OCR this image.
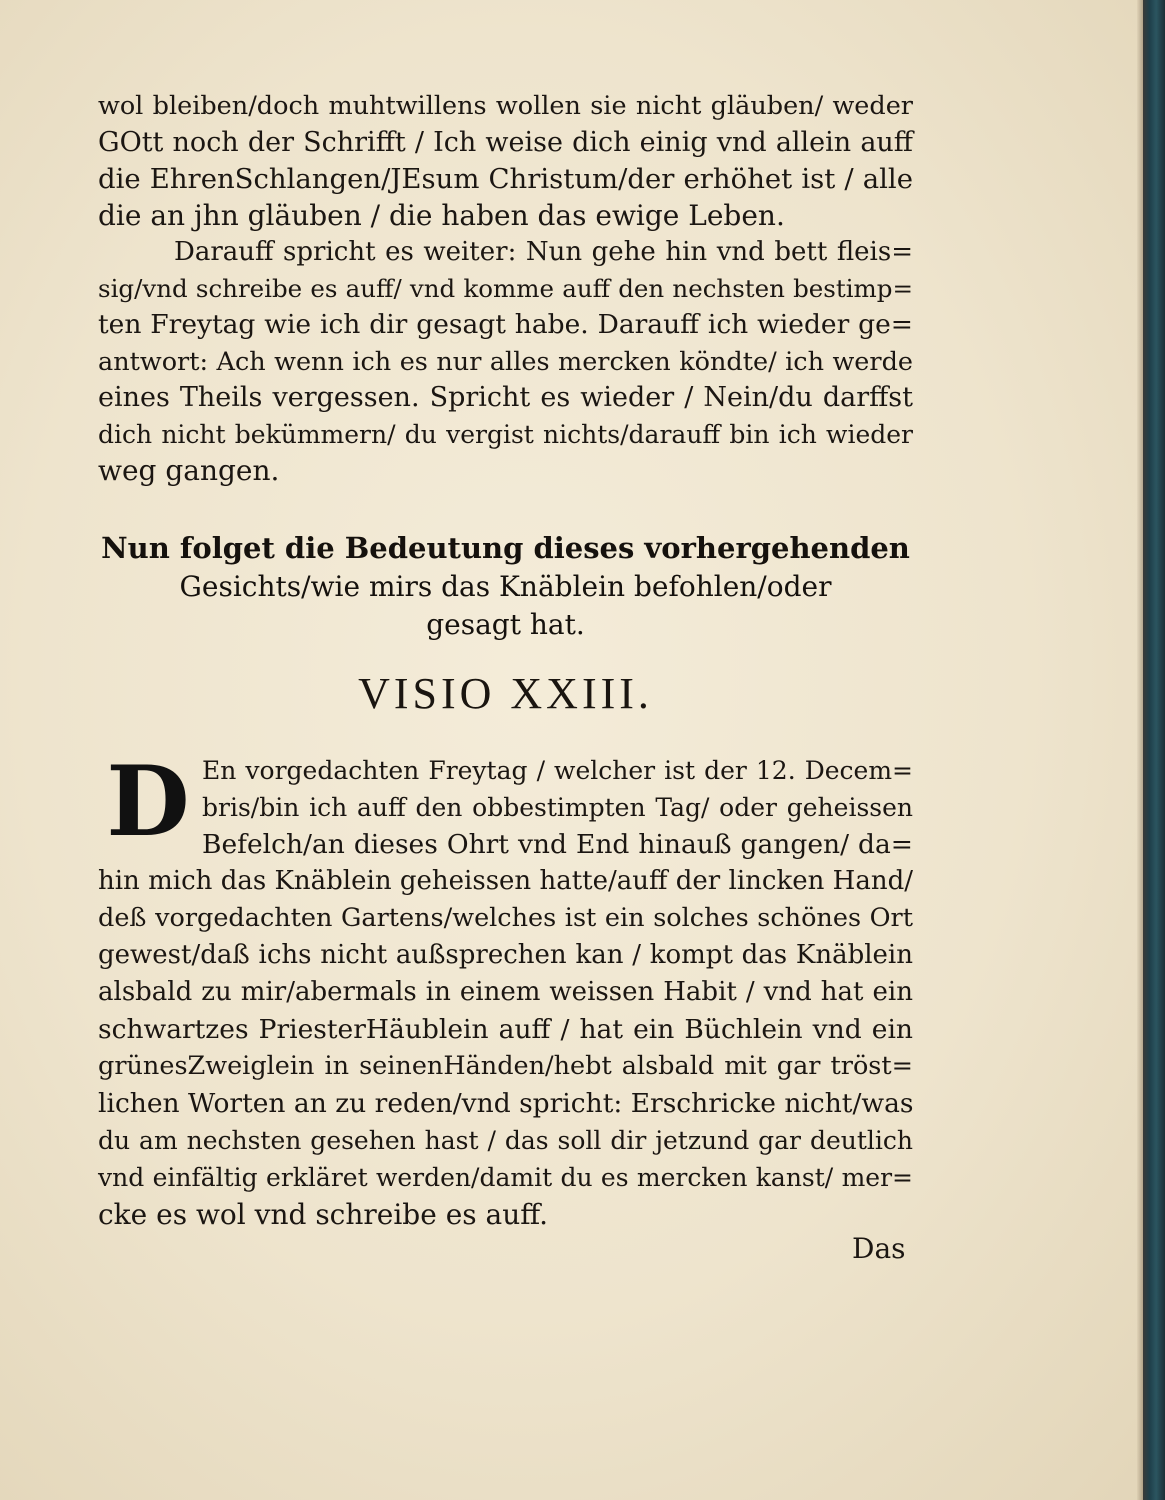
wol bleiben/doch muhtwillens wollen sie nicht gläuben/ weder
GOtt noch der Schrifft / Ich weise dich einig vnd allein auff
die EhrenSchlangen/JEsum Christum/der erhöhet ist / alle
die an jhn gläuben / die haben das ewige Leben.
Darauff spricht es weiter: Nun gehe hin vnd bett fleis=
sig/vnd schreibe es auff/ vnd komme auff den nechsten bestimp=
ten Freytag wie ich dir gesagt habe. Darauff ich wieder ge=
antwort: Ach wenn ich es nur alles mercken köndte/ ich werde
eines Theils vergessen. Spricht es wieder / Nein/du darffst
dich nicht bekümmern/ du vergist nichts/darauff bin ich wieder
weg gangen.
Nun folget die Bedeutung dieses vorhergehenden
Gesichts/wie mirs das Knäblein befohlen/oder
gesagt hat.
VISIO XXIII.
D En vorgedachten Freytag / welcher ist der 12. Decem=
bris/bin ich auff den obbestimpten Tag/ oder geheissen
Befelch/an dieses Ohrt vnd End hinauß gangen/ da=
hin mich das Knäblein geheissen hatte/auff der lincken Hand/
deß vorgedachten Gartens/welches ist ein solches schönes Ort
gewest/daß ichs nicht außsprechen kan / kompt das Knäblein
alsbald zu mir/abermals in einem weissen Habit / vnd hat ein
schwartzes PriesterHäublein auff / hat ein Büchlein vnd ein
grünesZweiglein in seinenHänden/hebt alsbald mit gar tröst=
lichen Worten an zu reden/vnd spricht: Erschricke nicht/was
du am nechsten gesehen hast / das soll dir jetzund gar deutlich
vnd einfältig erkläret werden/damit du es mercken kanst/ mer=
cke es wol vnd schreibe es auff.
Das
